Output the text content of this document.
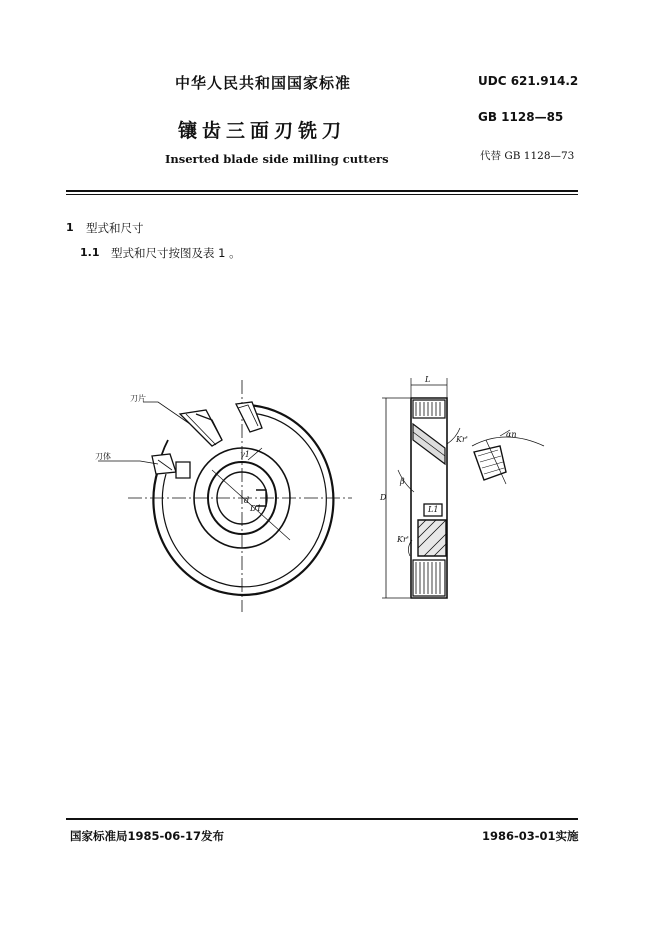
中华人民共和国国家标准	UDC 621.914.2
镶齿三面刃铣刀
GB 1128—85
Inserted blade side milling cutters	代替 GB 1128—73
1 型式和尺寸
1.1 型式和尺寸按图及表 1 。
刀片
刀体	γ1
d
D1
L
D
β
Kr'
Kr'
L1
αn
国家标准局1985-06-17发布	1986-03-01实施
